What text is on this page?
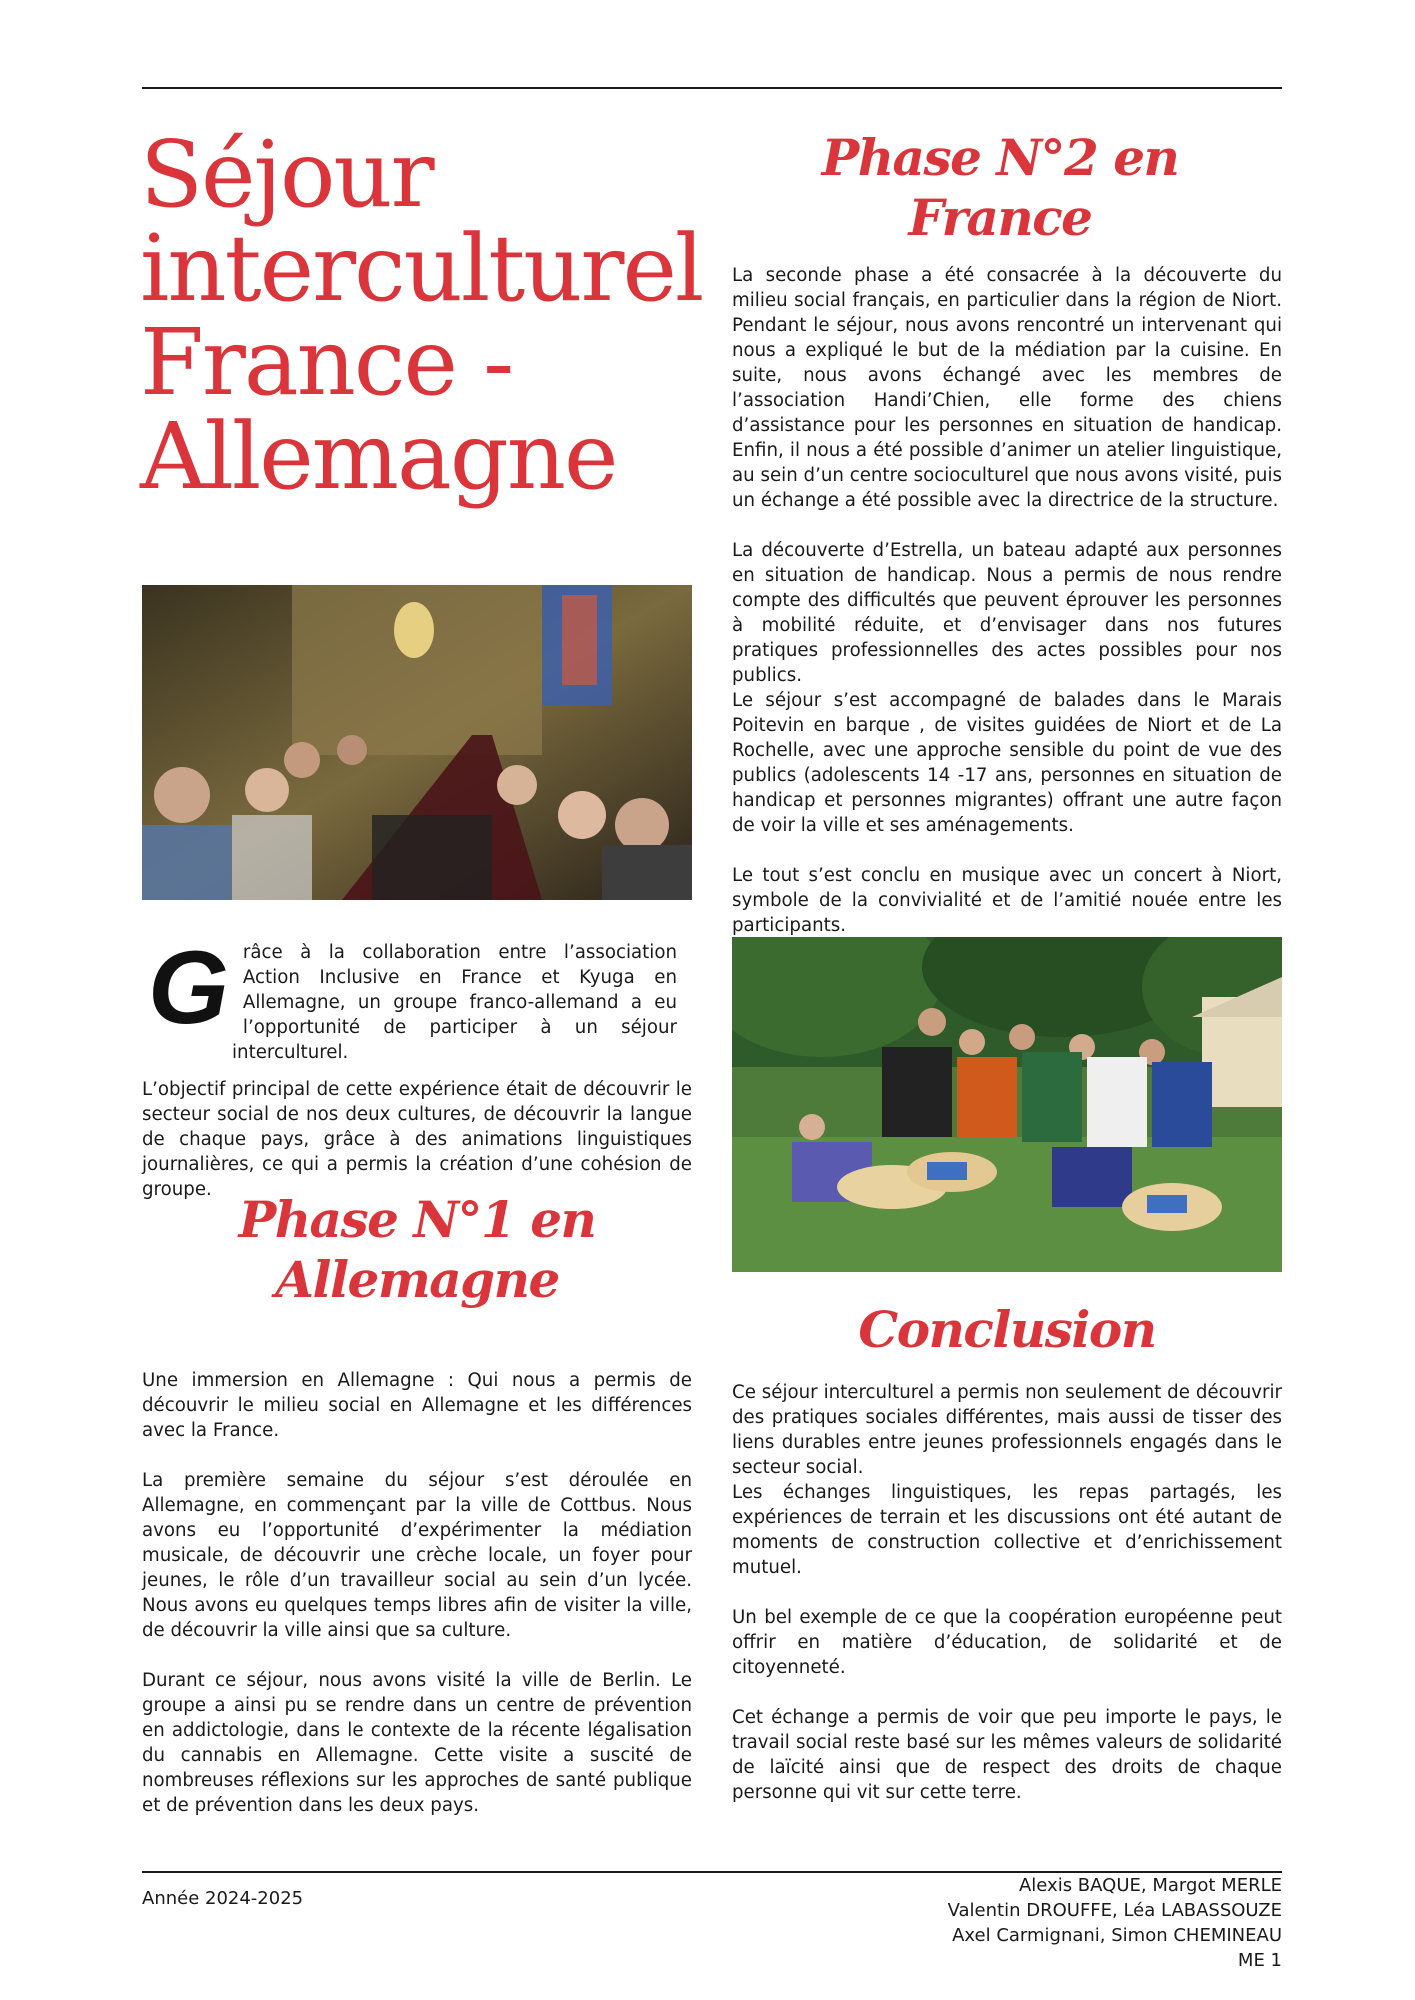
Séjour
interculturel
France -
Allemagne
G râce à la collaboration entre l’association Action Inclusive en France et Kyuga en Allemagne, un groupe franco-allemand a eu l’opportunité de participer à un séjour interculturel.

L’objectif principal de cette expérience était de découvrir le secteur social de nos deux cultures, de découvrir la langue de chaque pays, grâce à des animations linguistiques journalières, ce qui a permis la création d’une cohésion de groupe.

Phase N°1 en
Allemagne

Une immersion en Allemagne : Qui nous a permis de découvrir le milieu social en Allemagne et les différences avec la France.

La première semaine du séjour s’est déroulée en Allemagne, en commençant par la ville de Cottbus. Nous avons eu l’opportunité d’expérimenter la médiation musicale, de découvrir une crèche locale, un foyer pour jeunes, le rôle d’un travailleur social au sein d’un lycée. Nous avons eu quelques temps libres afin de visiter la ville, de découvrir la ville ainsi que sa culture.

Durant ce séjour, nous avons visité la ville de Berlin. Le groupe a ainsi pu se rendre dans un centre de prévention en addictologie, dans le contexte de la récente légalisation du cannabis en Allemagne. Cette visite a suscité de nombreuses réflexions sur les approches de santé publique et de prévention dans les deux pays.

Phase N°2 en
France

La seconde phase a été consacrée à la découverte du milieu social français, en particulier dans la région de Niort. Pendant le séjour, nous avons rencontré un intervenant qui nous a expliqué le but de la médiation par la cuisine. En suite, nous avons échangé avec les membres de l’association Handi’Chien, elle forme des chiens d’assistance pour les personnes en situation de handicap. Enfin, il nous a été possible d’animer un atelier linguistique, au sein d’un centre socioculturel que nous avons visité, puis un échange a été possible avec la directrice de la structure.

La découverte d’Estrella, un bateau adapté aux personnes en situation de handicap. Nous a permis de nous rendre compte des difficultés que peuvent éprouver les personnes à mobilité réduite, et d’envisager dans nos futures pratiques professionnelles des actes possibles pour nos publics.

Le séjour s’est accompagné de balades dans le Marais Poitevin en barque , de visites guidées de Niort et de La Rochelle, avec une approche sensible du point de vue des publics (adolescents 14 -17 ans, personnes en situation de handicap et personnes migrantes) offrant une autre façon de voir la ville et ses aménagements.

Le tout s’est conclu en musique avec un concert à Niort, symbole de la convivialité et de l’amitié nouée entre les participants.

Conclusion

Ce séjour interculturel a permis non seulement de découvrir des pratiques sociales différentes, mais aussi de tisser des liens durables entre jeunes professionnels engagés dans le secteur social.

Les échanges linguistiques, les repas partagés, les expériences de terrain et les discussions ont été autant de moments de construction collective et d’enrichissement mutuel.

Un bel exemple de ce que la coopération européenne peut offrir en matière d’éducation, de solidarité et de citoyenneté.

Cet échange a permis de voir que peu importe le pays, le travail social reste basé sur les mêmes valeurs de solidarité de laïcité ainsi que de respect des droits de chaque personne qui vit sur cette terre.

Année 2024-2025
Alexis BAQUE, Margot MERLE
Valentin DROUFFE, Léa LABASSOUZE
Axel Carmignani, Simon CHEMINEAU
ME 1
